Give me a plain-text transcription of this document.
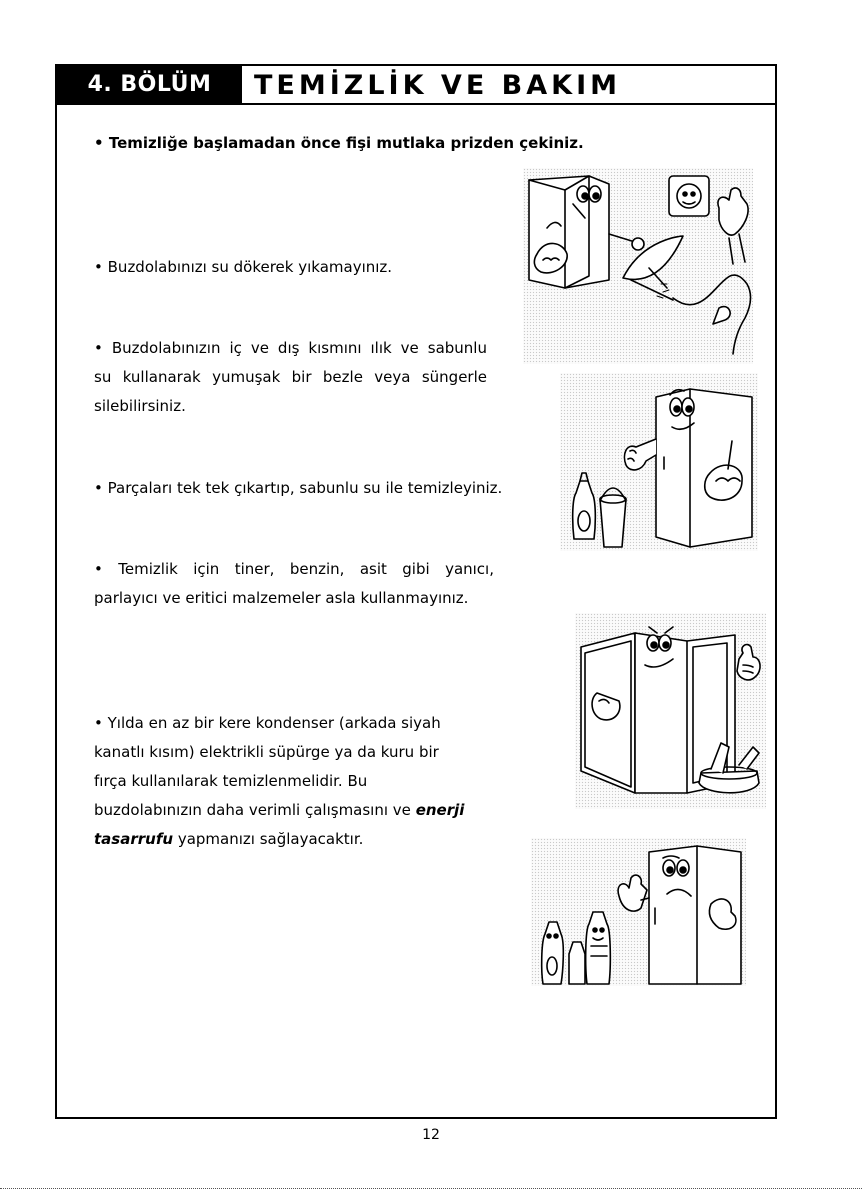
4. BÖLÜM	TEMİZLİK VE BAKIM
• Temizliğe başlamadan önce fişi mutlaka prizden çekiniz.
• Buzdolabınızı su dökerek yıkamayınız.
• Buzdolabınızın iç ve dış kısmını ılık ve sabunlu
su kullanarak yumuşak bir bezle veya süngerle
silebilirsiniz.
• Parçaları tek tek çıkartıp, sabunlu su ile temizleyiniz.
• Temizlik için tiner, benzin, asit gibi yanıcı,
parlayıcı ve eritici malzemeler asla kullanmayınız.
• Yılda en az bir kere kondenser (arkada siyah
kanatlı kısım) elektrikli süpürge ya da kuru bir
fırça kullanılarak temizlenmelidir. Bu
buzdolabınızın daha verimli çalışmasını ve enerji
tasarrufu yapmanızı sağlayacaktır.
12
